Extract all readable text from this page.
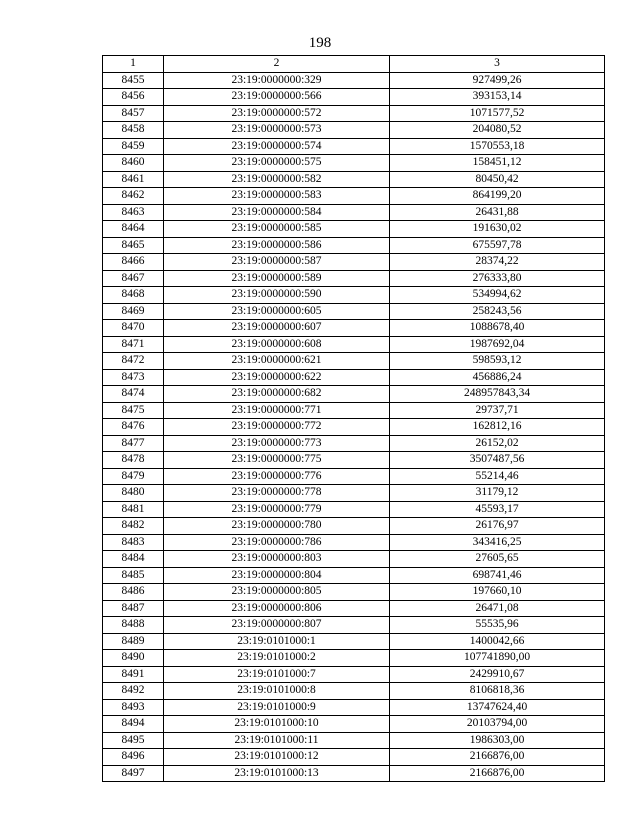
198
1	2	3
8455	23:19:0000000:329	927499,26
8456	23:19:0000000:566	393153,14
8457	23:19:0000000:572	1071577,52
8458	23:19:0000000:573	204080,52
8459	23:19:0000000:574	1570553,18
8460	23:19:0000000:575	158451,12
8461	23:19:0000000:582	80450,42
8462	23:19:0000000:583	864199,20
8463	23:19:0000000:584	26431,88
8464	23:19:0000000:585	191630,02
8465	23:19:0000000:586	675597,78
8466	23:19:0000000:587	28374,22
8467	23:19:0000000:589	276333,80
8468	23:19:0000000:590	534994,62
8469	23:19:0000000:605	258243,56
8470	23:19:0000000:607	1088678,40
8471	23:19:0000000:608	1987692,04
8472	23:19:0000000:621	598593,12
8473	23:19:0000000:622	456886,24
8474	23:19:0000000:682	248957843,34
8475	23:19:0000000:771	29737,71
8476	23:19:0000000:772	162812,16
8477	23:19:0000000:773	26152,02
8478	23:19:0000000:775	3507487,56
8479	23:19:0000000:776	55214,46
8480	23:19:0000000:778	31179,12
8481	23:19:0000000:779	45593,17
8482	23:19:0000000:780	26176,97
8483	23:19:0000000:786	343416,25
8484	23:19:0000000:803	27605,65
8485	23:19:0000000:804	698741,46
8486	23:19:0000000:805	197660,10
8487	23:19:0000000:806	26471,08
8488	23:19:0000000:807	55535,96
8489	23:19:0101000:1	1400042,66
8490	23:19:0101000:2	107741890,00
8491	23:19:0101000:7	2429910,67
8492	23:19:0101000:8	8106818,36
8493	23:19:0101000:9	13747624,40
8494	23:19:0101000:10	20103794,00
8495	23:19:0101000:11	1986303,00
8496	23:19:0101000:12	2166876,00
8497	23:19:0101000:13	2166876,00
